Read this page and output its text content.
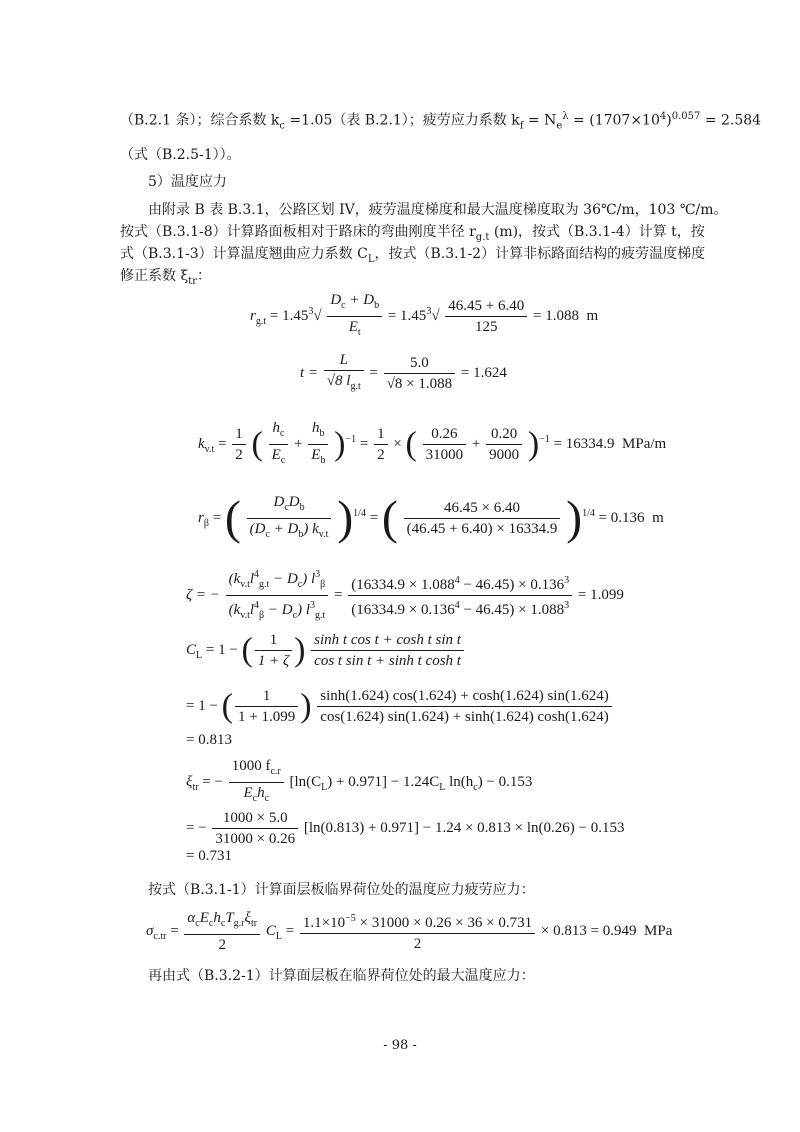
（B.2.1 条）；综合系数 $k_c =1.05$（表 B.2.1）；疲劳应力系数 $k_f = N_e^\lambda = (1707\times 10^4)^{0.057} = 2.584$
（式（B.2.5-1））。
5）温度应力
由附录 B 表 B.3.1，公路区划 IV，疲劳温度梯度和最大温度梯度取为 36℃/m，103 ℃/m。
按式（B.3.1-8）计算路面板相对于路床的弯曲刚度半径 $r_{g.t}$ (m)，按式（B.3.1-4）计算 t，按
式（B.3.1-3）计算温度翘曲应力系数 $C_L$，按式（B.3.1-2）计算非标路面结构的疲劳温度梯度
修正系数 $\xi_{tr}$：
$r_{g.t} = 1.45^3√ \frac{D_c + D_b}{E_t} = 1.45^3√ \frac{46.45 + 6.40}{125} = 1.088$ m
$t = \frac{L}{√8 l_{g.t}} = \frac{5.0}{√8 \times 1.088} = 1.624$
$k_{v.t} = \frac{1}{2}$ ( $\frac{h_c}{E_c} + \frac{h_b}{E_b} )^{-1} = \frac{1}{2}$ × ( $\frac{0.26}{31000} + \frac{0.20}{9000} )^{-1} = 16334.9$ MPa/m
$r_\beta$ = ( $\frac{D_cD_b}{(D_c + D_b) k_{v.t}} )^{1/4}$ = ( $\frac{46.45 \times 6.40}{(46.45 + 6.40) \times 16334.9} )^{1/4} = 0.136$ m
ζ = − $\frac{(k_{v.t}l^4_{g.t} - D_c) l^3_\beta}{(k_{v.t}l^4_\beta - D_c) l^3_{g.t}} = \frac{(16334.9 \times 1.088^4 - 46.45) \times 0.136^3}{(16334.9 \times 0.136^4 - 46.45) \times 1.088^3} = 1.099$
$C_L = 1$ − ( $\frac{1}{1 + \zeta}$ ) $\frac{\text{sinh t cos t + cosh t sin t}}{\text{cos t sin t + sinh t cosh t}}$
= 1 − ( $\frac{1}{1 + 1.099}$ ) $\frac{\sinh(1.624) \cos(1.624) + \cosh(1.624) \sin(1.624)}{\cos(1.624) \sin(1.624) + \sinh(1.624) \cosh(1.624)}$
= 0.813
$\xi_{tr}$ = − $\frac{1000 f_{c.r}}{E_ch_c} [\ln(C_L) + 0.971] - 1.24C_L$ $\ln(h_c) - 0.153$
= − $\frac{1000 \times 5.0}{31000 \times 0.26} [\ln(0.813) + 0.971] - 1.24 \times 0.813 \times \ln(0.26) - 0.153$
= 0.731
按式（B.3.1-1）计算面层板临界荷位处的温度应力疲劳应力：
$\sigma_{c.tr} = \frac{\alpha_cE_ch_cT_{g.r}\xi_{tr}}{2} C_L = \frac{1.1\times 10^{-5} \times 31000 \times 0.26 \times 36 \times 0.731}{2} \times 0.813 = 0.949$ MPa
再由式（B.3.2-1）计算面层板在临界荷位处的最大温度应力：
- 98 -
